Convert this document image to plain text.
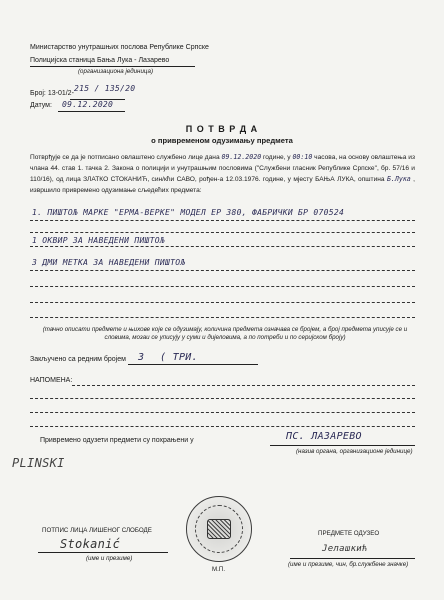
Министарство унутрашњих послова Републике Српске
Полицијска станица Бања Лука - Лазарево
(организациона јединица)
Број: 13-01/2-
215 / 135/20
Датум: 09.12.2020
П О Т В Р Д А
о привременом одузимању предмета
Потврђује се да је потписано овлаштено службено лице дана 09.12.2020 године, у 00:10 часова, на основу овлаштења из члана 44. став 1. тачка 2. Закона о полицији и унутрашњим пословима ("Службени гласник Републике Српске", бр. 57/16 и 110/16), од лица ЗЛАТКО СТОКАНИЋ, син/кћи САВО, рођен-а 12.03.1976. године, у мјесту БАЊА ЛУКА, општина Б.Лука , извршило привремено одузимање сљедећих предмета:
1. ПИШТОЉ МАРКЕ "ЕРМА-ВЕРКЕ" МОДЕЛ ЕР 380, ФАБРИЧКИ БР 070524
1 ОКВИР ЗА НАВЕДЕНИ ПИШТОЉ
3 ДМИ МЕТКА ЗА НАВЕДЕНИ ПИШТОЉ
(тачно описати предмете и њихове које се одузимају, количина предмета означава се бројем, а број предмета уписује се и словима, мозаи се уписују у суми и дијеловима, а по потреби и по серијском броју)
Закључено са редним бројем 3 ( ТРИ.
НАПОМЕНА:
Привремено одузети предмети су похрањени у	ПС. ЛАЗАРЕВО
(назив органа, организационе јединице)
PLINSKI
ПОТПИС ЛИЦА ЛИШЕНОГ СЛОБОДЕ
Stokanić
(име и презиме)
М.П.
ПРЕДМЕТЕ ОДУЗЕО
Јелашкић
(име и презиме, чин, бр.службене значке)
